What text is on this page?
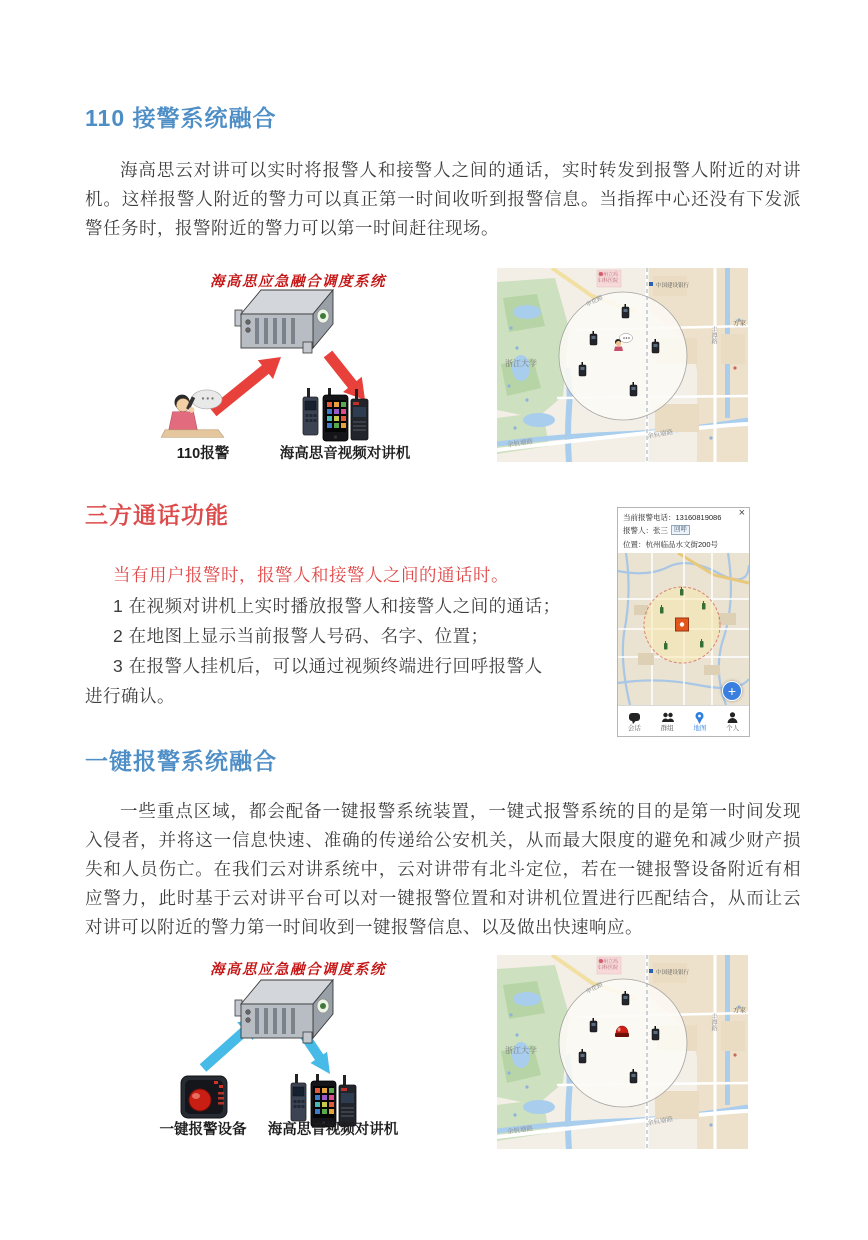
110 接警系统融合
海高思云对讲可以实时将报警人和接警人之间的通话，实时转发到报警人附近的对讲机。这样报警人附近的警力可以真正第一时间收听到报警信息。当指挥中心还没有下发派警任务时，报警附近的警力可以第一时间赶往现场。
海高思应急融合调度系统
110报警	海高思音视频对讲机
杭州立玛妇科医院
中国建设银行
申花路
浙江大学
方家
丰潭路
余杭塘路
余杭塘路
三方通话功能
当有用户报警时，报警人和接警人之间的通话时。
1 在视频对讲机上实时播放报警人和接警人之间的通话；
2 在地图上显示当前报警人号码、名字、位置；
3 在报警人挂机后，可以通过视频终端进行回呼报警人
进行确认。
当前报警电话：13160819086 ×
报警人：张三 回呼
位置：杭州临品水文街200号
+
会话	群组	地图	个人
一键报警系统融合
一些重点区域，都会配备一键报警系统装置，一键式报警系统的目的是第一时间发现入侵者，并将这一信息快速、准确的传递给公安机关，从而最大限度的避免和减少财产损失和人员伤亡。在我们云对讲系统中，云对讲带有北斗定位，若在一键报警设备附近有相应警力，此时基于云对讲平台可以对一键报警位置和对讲机位置进行匹配结合，从而让云对讲可以附近的警力第一时间收到一键报警信息、以及做出快速响应。
海高思应急融合调度系统
一键报警设备	海高思音视频对讲机
杭州立玛妇科医院
中国建设银行
申花路
浙江大学
方家
丰潭路
余杭塘路
余杭塘路
